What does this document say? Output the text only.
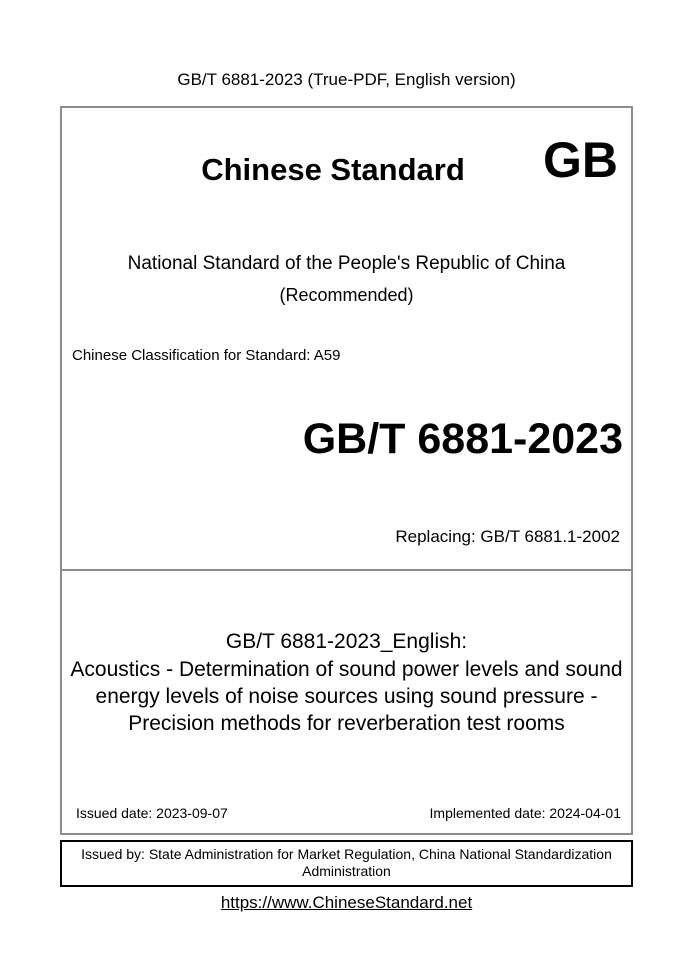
GB/T 6881-2023 (True-PDF, English version)
Chinese Standard	GB
National Standard of the People's Republic of China
(Recommended)
Chinese Classification for Standard: A59
GB/T 6881-2023
Replacing: GB/T 6881.1-2002
GB/T 6881-2023_English:
Acoustics - Determination of sound power levels and sound
energy levels of noise sources using sound pressure -
Precision methods for reverberation test rooms
Issued date: 2023-09-07	Implemented date: 2024-04-01
Issued by: State Administration for Market Regulation, China National Standardization
Administration
https://www.ChineseStandard.net
